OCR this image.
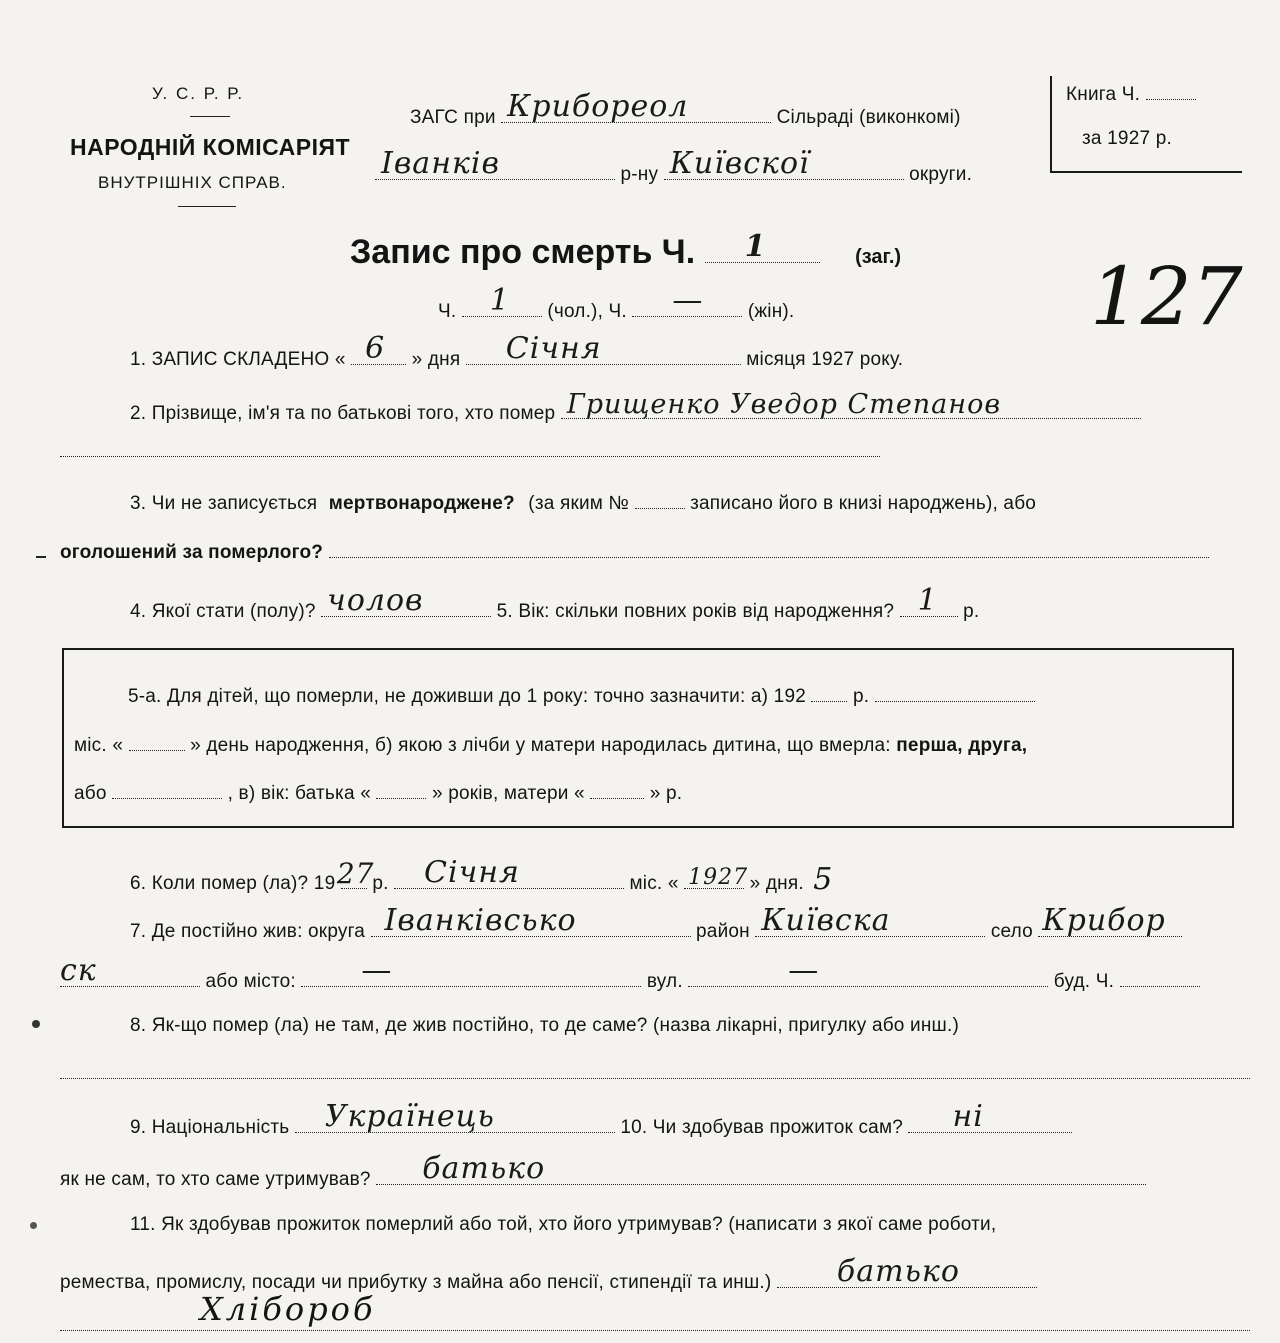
У. С. Р. Р.
НАРОДНІЙ КОМІСАРІЯТ
ВНУТРІШНІХ СПРАВ.
ЗАГС при Крибореол	Сільраді (виконкомі)
Іванків	р-ну Київскої	округи.
Книга Ч.
за 1927 р.
Запис про смерть Ч. 1	(заг.)
Ч. 1 (чол.), Ч. — (жін).	127
1. ЗАПИС СКЛАДЕНО « 6 » дня Січня	місяця 1927 року.
2. Прізвище, ім'я та по батькові того, хто помер Грищенко Уведор Степанов
3. Чи не записується мертвонароджене? (за яким №	записано його в книзі народжень), або
оголошений за померлого?
4. Якої стати (полу)? чолов	5. Вік: скільки повних років від народження? 1 р.
5-а. Для дітей, що померли, не доживши до 1 року: точно зазначити: а) 192 р.
міс. «	» день народження, б) якою з лічби у матери народилась дитина, що вмерла: перша, друга,
або	, в) вік: батька «	» років, матери «	» р.
6. Коли помер (ла)? 19 27
р. Січня	міс. « 1927 » дня. 5
7. Де постійно жив: округа Іванківсько	район Київска	село Крибор
ск	або місто: —	вул.	—	буд. Ч.
8. Як-що помер (ла) не там, де жив постійно, то де саме? (назва лікарні, пригулку або инш.)
9. Національність Українець	10. Чи здобував прожиток сам? ні
як не сам, то хто саме утримував? батько
11. Як здобував прожиток померлий або той, хто його утримував? (написати з якої саме роботи,
ремества, промислу, посади чи прибутку з майна або пенсії, стипендії та инш.) батько
Хлібороб
